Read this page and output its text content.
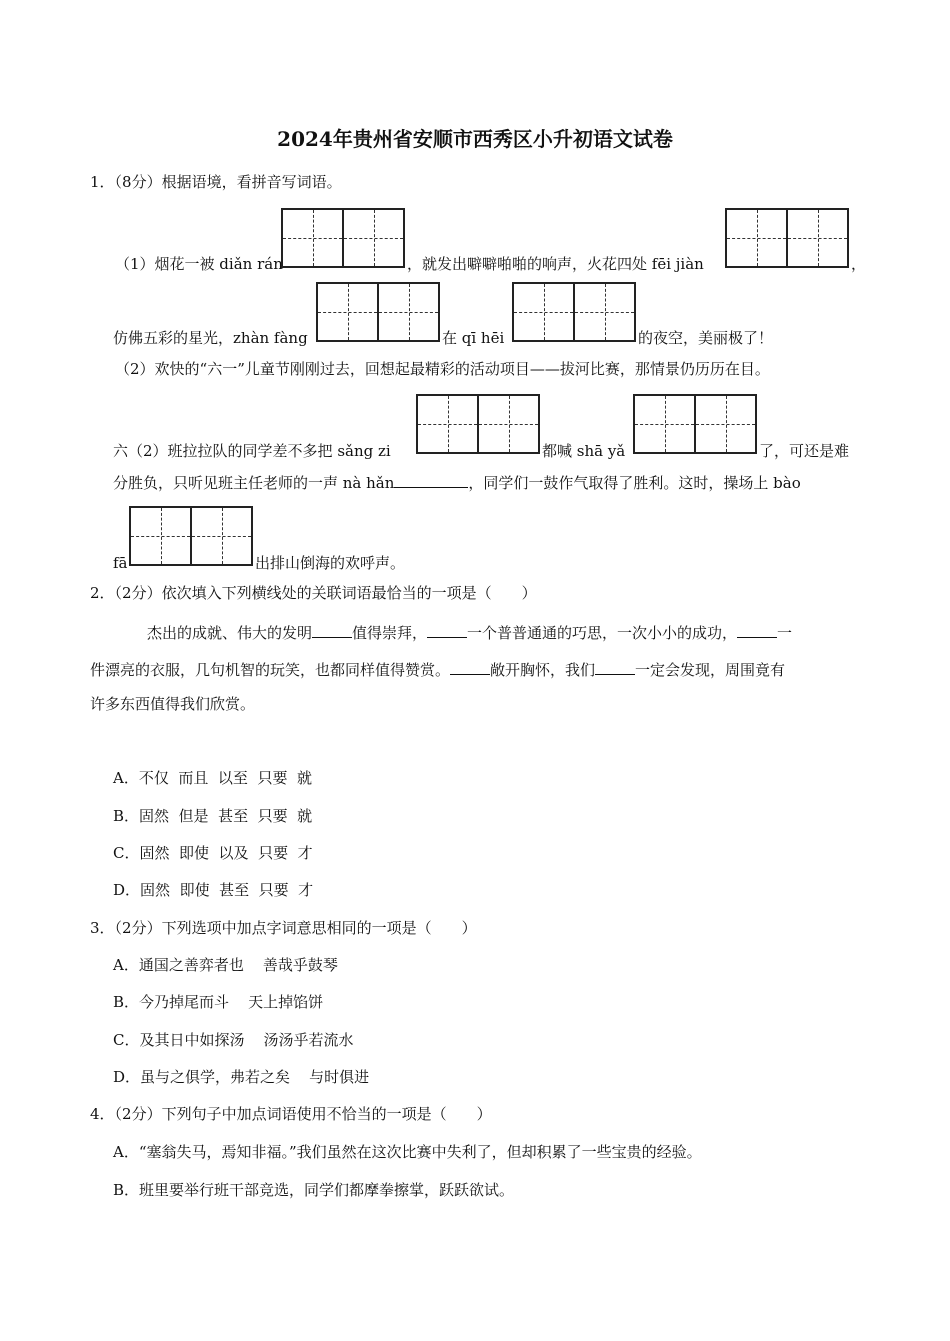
2024年贵州省安顺市西秀区小升初语文试卷
1．（8分）根据语境，看拼音写词语。
（1）烟花一被 diǎn rán	，就发出噼噼啪啪的响声，火花四处 fēi jiàn	，
仿佛五彩的星光，zhàn fàng	在 qī hēi	的夜空，美丽极了！
（2）欢快的“六一”儿童节刚刚过去，回想起最精彩的活动项目——拔河比赛，那情景仍历历在目。
六（2）班拉拉队的同学差不多把 sǎng zi	都喊 shā yǎ	了，可还是难
分胜负，只听见班主任老师的一声 nà hǎn	，同学们一鼓作气取得了胜利。这时，操场上 bào
fā	出排山倒海的欢呼声。
2．（2分）依次填入下列横线处的关联词语最恰当的一项是（　　）
杰出的成就、伟大的发明	值得崇拜，	一个普普通通的巧思，一次小小的成功，	一
件漂亮的衣服，几句机智的玩笑，也都同样值得赞赏。	敞开胸怀，我们	一定会发现，周围竟有
许多东西值得我们欣赏。
A．不仅  而且  以至  只要  就
B．固然  但是  甚至  只要  就
C．固然  即使  以及  只要  才
D．固然  即使  甚至  只要  才
3．（2分）下列选项中加点字词意思相同的一项是（　　）
A．通国之善弈者也    善哉乎鼓琴
B．今乃掉尾而斗    天上掉馅饼
C．及其日中如探汤    汤汤乎若流水
D．虽与之俱学，弗若之矣    与时俱进
4．（2分）下列句子中加点词语使用不恰当的一项是（　　）
A．“塞翁失马，焉知非福。”我们虽然在这次比赛中失利了，但却积累了一些宝贵的经验。
B．班里要举行班干部竞选，同学们都摩拳擦掌，跃跃欲试。
